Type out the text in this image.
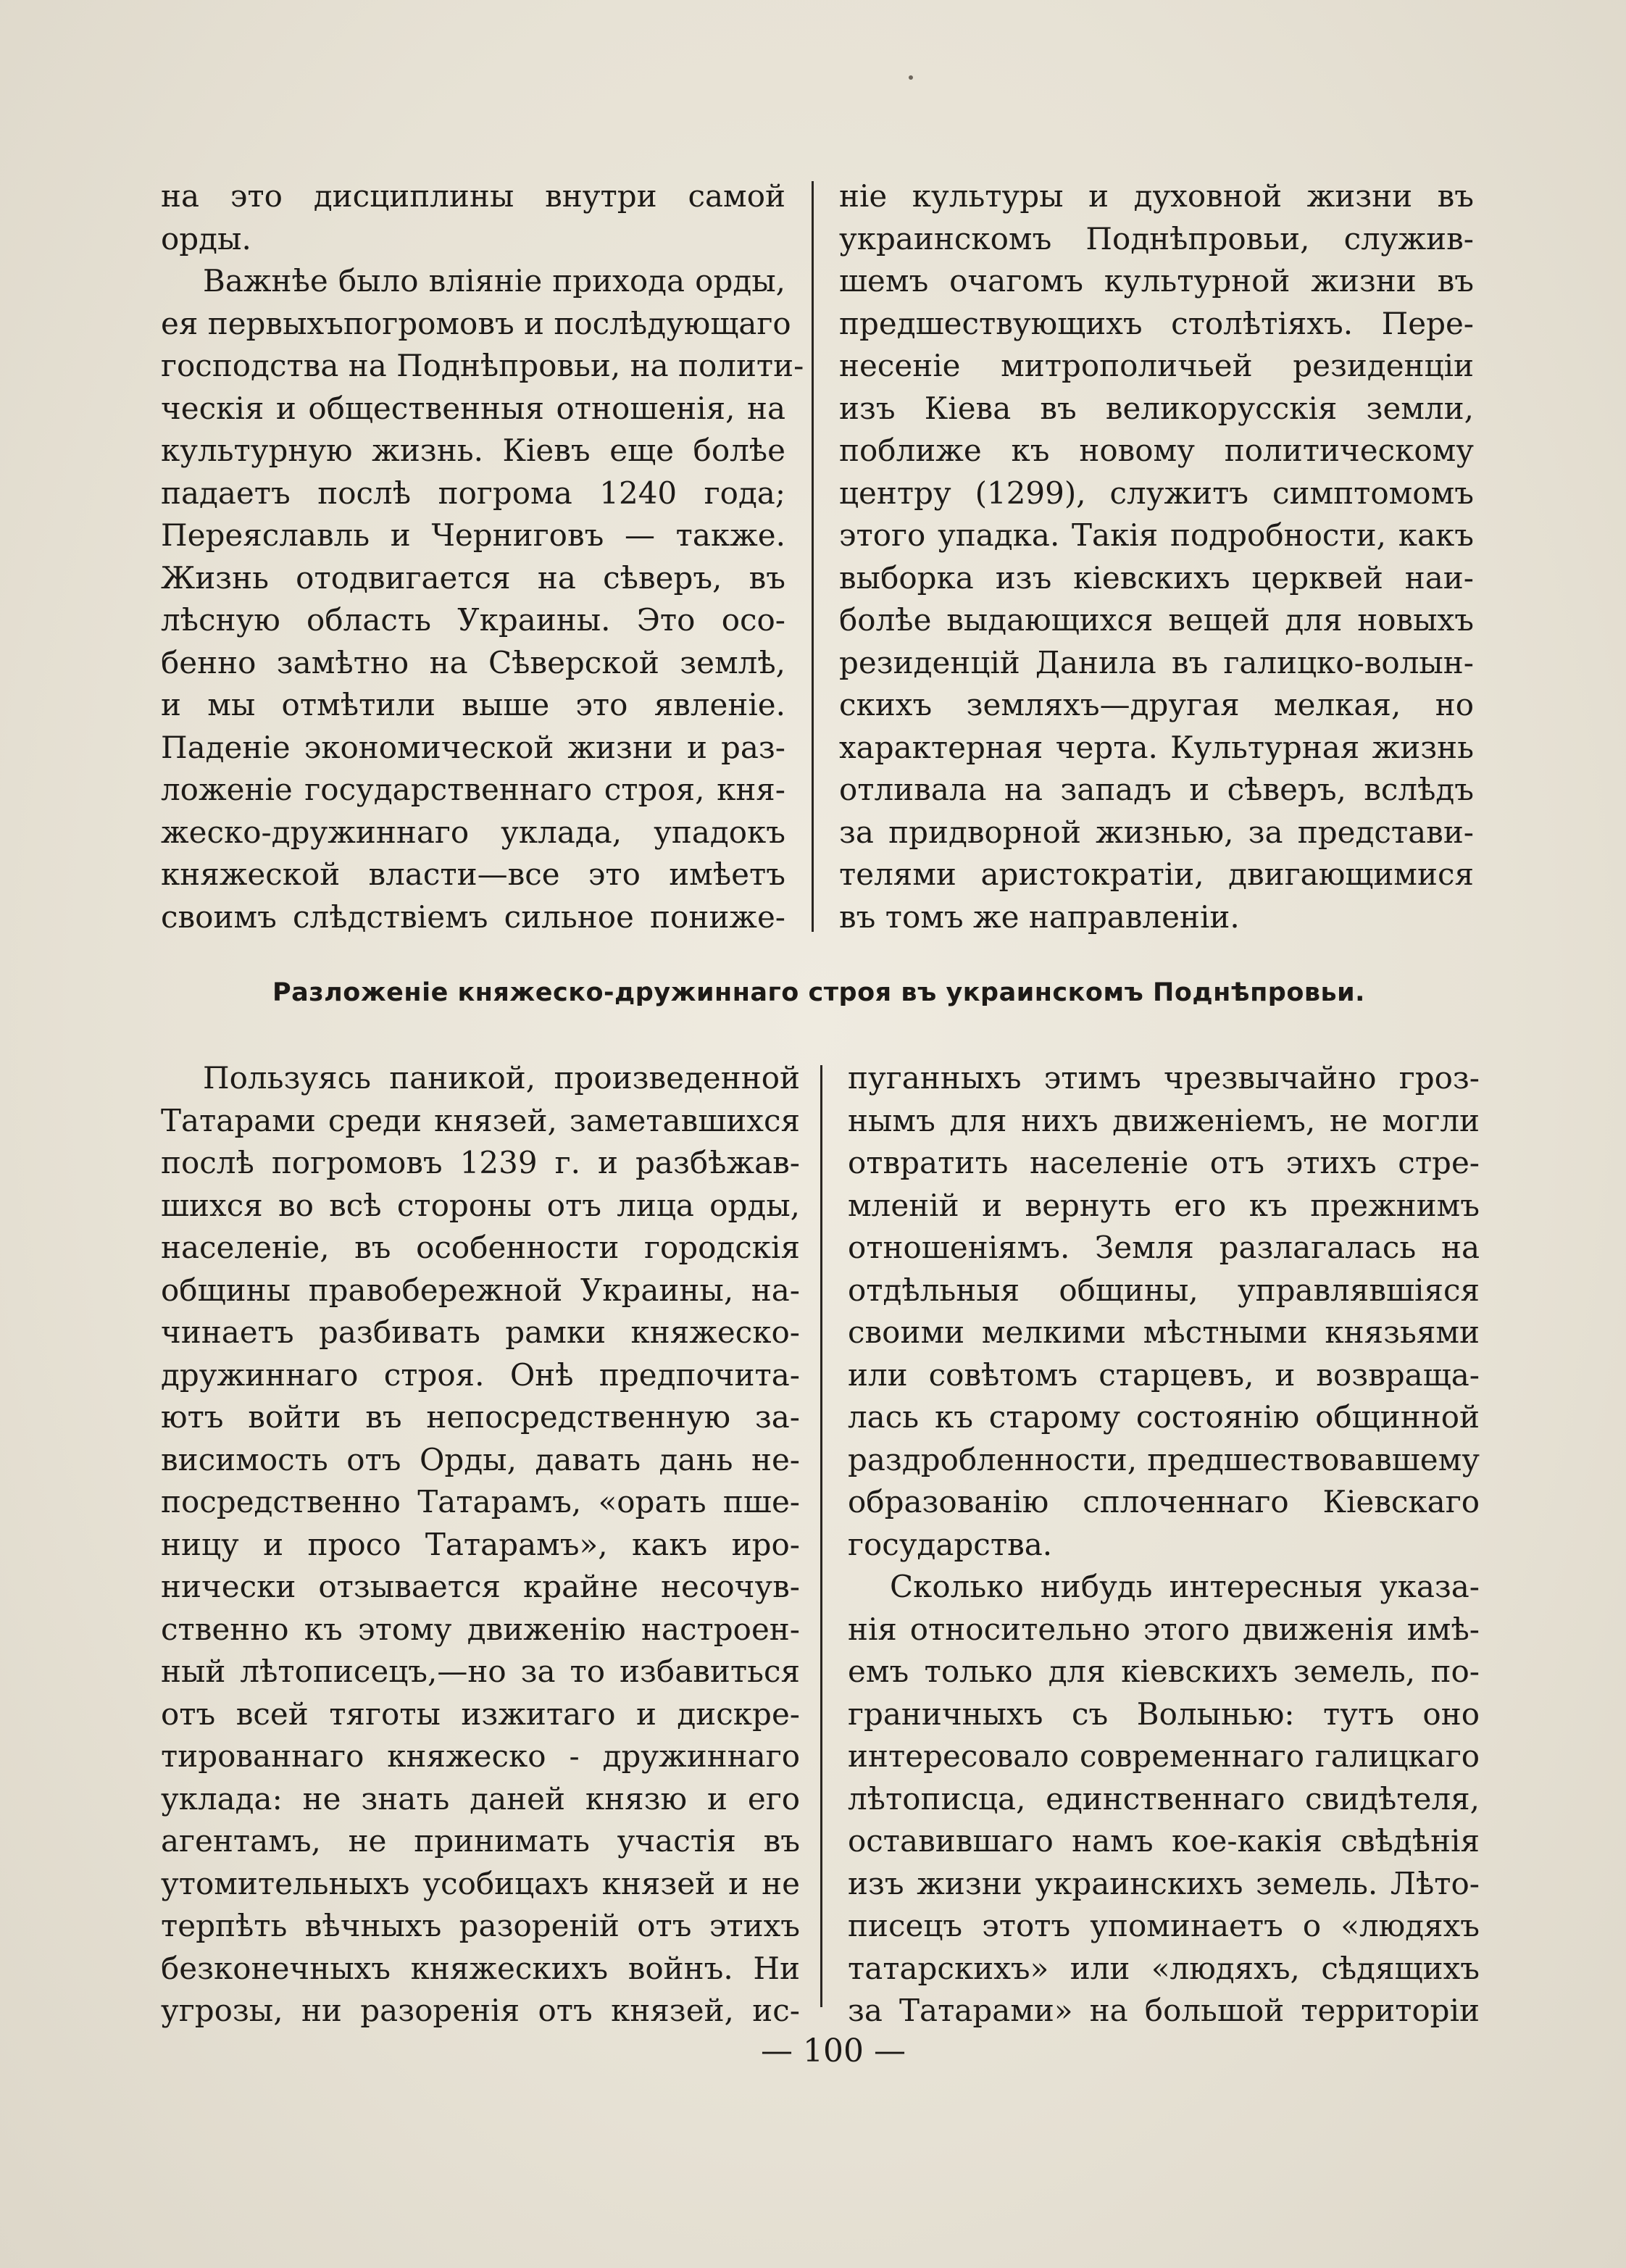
на это дисциплины внутри самой
орды.
Важнѣе было вліяніе прихода орды,
ея первыхъпогромовъ и послѣдующаго
господства на Поднѣпровьи, на полити-
ческія и общественныя отношенія, на
культурную жизнь. Кіевъ еще болѣе
падаетъ послѣ погрома 1240 года;
Переяславль и Черниговъ — также.
Жизнь отодвигается на сѣверъ, въ
лѣсную область Украины. Это осо-
бенно замѣтно на Сѣверской землѣ,
и мы отмѣтили выше это явленіе.
Паденіе экономической жизни и раз-
ложеніе государственнаго строя, кня-
жеско-дружиннаго уклада, упадокъ
княжеской власти—все это имѣетъ
своимъ слѣдствіемъ сильное пониже-
ніе культуры и духовной жизни въ
украинскомъ Поднѣпровьи, служив-
шемъ очагомъ культурной жизни въ
предшествующихъ столѣтіяхъ. Пере-
несеніе митрополичьей резиденціи
изъ Кіева въ великорусскія земли,
поближе къ новому политическому
центру (1299), служитъ симптомомъ
этого упадка. Такія подробности, какъ
выборка изъ кіевскихъ церквей наи-
болѣе выдающихся вещей для новыхъ
резиденцій Данила въ галицко-волын-
скихъ земляхъ—другая мелкая, но
характерная черта. Культурная жизнь
отливала на западъ и сѣверъ, вслѣдъ
за придворной жизнью, за представи-
телями аристократіи, двигающимися
въ томъ же направленіи.
Разложеніе княжеско-дружиннаго строя въ украинскомъ Поднѣпровьи.
Пользуясь паникой, произведенной
Татарами среди князей, заметавшихся
послѣ погромовъ 1239 г. и разбѣжав-
шихся во всѣ стороны отъ лица орды,
населеніе, въ особенности городскія
общины правобережной Украины, на-
чинаетъ разбивать рамки княжеско-
дружиннаго строя. Онѣ предпочита-
ютъ войти въ непосредственную за-
висимость отъ Орды, давать дань не-
посредственно Татарамъ, «орать пше-
ницу и просо Татарамъ», какъ иро-
нически отзывается крайне несочув-
ственно къ этому движенію настроен-
ный лѣтописецъ,—но за то избавиться
отъ всей тяготы изжитаго и дискре-
тированнаго княжеско - дружиннаго
уклада: не знать даней князю и его
агентамъ, не принимать участія въ
утомительныхъ усобицахъ князей и не
терпѣть вѣчныхъ разореній отъ этихъ
безконечныхъ княжескихъ войнъ. Ни
угрозы, ни разоренія отъ князей, ис-
пуганныхъ этимъ чрезвычайно гроз-
нымъ для нихъ движеніемъ, не могли
отвратить населеніе отъ этихъ стре-
мленій и вернуть его къ прежнимъ
отношеніямъ. Земля разлагалась на
отдѣльныя общины, управлявшіяся
своими мелкими мѣстными князьями
или совѣтомъ старцевъ, и возвраща-
лась къ старому состоянію общинной
раздробленности, предшествовавшему
образованію сплоченнаго Кіевскаго
государства.
Сколько нибудь интересныя указа-
нія относительно этого движенія имѣ-
емъ только для кіевскихъ земель, по-
граничныхъ съ Волынью: тутъ оно
интересовало современнаго галицкаго
лѣтописца, единственнаго свидѣтеля,
оставившаго намъ кое-какія свѣдѣнія
изъ жизни украинскихъ земель. Лѣто-
писецъ этотъ упоминаетъ о «людяхъ
татарскихъ» или «людяхъ, сѣдящихъ
за Татарами» на большой территоріи
— 100 —
